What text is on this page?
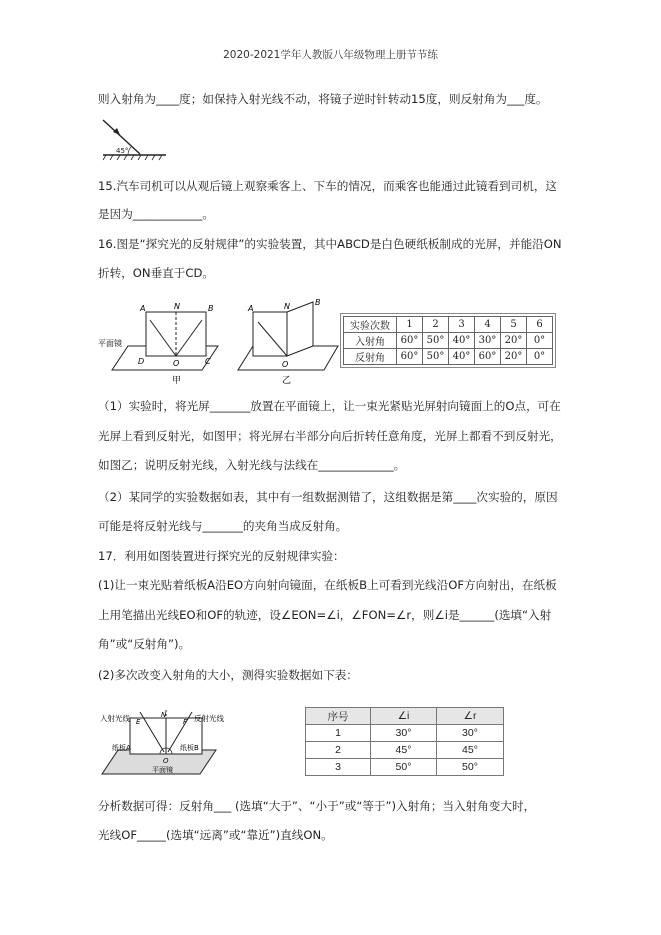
2020-2021学年人教版八年级物理上册节节练
则入射角为____度；如保持入射光线不动，将镜子逆时针转动15度，则反射角为___度。
45°
15.汽车司机可以从观后镜上观察乘客上、下车的情况，而乘客也能通过此镜看到司机，这
是因为____________。
16.图是“探究光的反射规律”的实验装置，其中ABCD是白色硬纸板制成的光屏，并能沿ON
折转，ON垂直于CD。
A	N	B
D	O	C
平面镜
甲
A	N	B
O
乙
实验次数	1	2	3	4	5	6
入射角	60°	50°	40°	30°	20°	0°
反射角	60°	50°	40°	60°	20°	0°
（1）实验时，将光屏_______放置在平面镜上，让一束光紧贴光屏射向镜面上的O点，可在
光屏上看到反射光，如图甲；将光屏右半部分向后折转任意角度，光屏上都看不到反射光，
如图乙；说明反射光线，入射光线与法线在_____________。
（2）某同学的实验数据如表，其中有一组数据测错了，这组数据是第____次实验的，原因
可能是将反射光线与_______的夹角当成反射角。
17．利用如图装置进行探究光的反射规律实验：
(1)让一束光贴着纸板A沿EO方向射向镜面，在纸板B上可看到光线沿OF方向射出，在纸板
上用笔描出光线EO和OF的轨迹，设∠EON=∠i，∠FON=∠r，则∠i是______(选填“入射
角”或“反射角”)。
(2)多次改变入射角的大小，测得实验数据如下表：
入射光线	反射光线
E
N
F
纸板A	纸板B
O
平面镜
序号	∠i	∠r
1	30°	30°
2	45°	45°
3	50°	50°
分析数据可得：反射角___ (选填“大于”、“小于”或“等于”)入射角；当入射角变大时，
光线OF_____(选填“远离”或“靠近”)直线ON。
